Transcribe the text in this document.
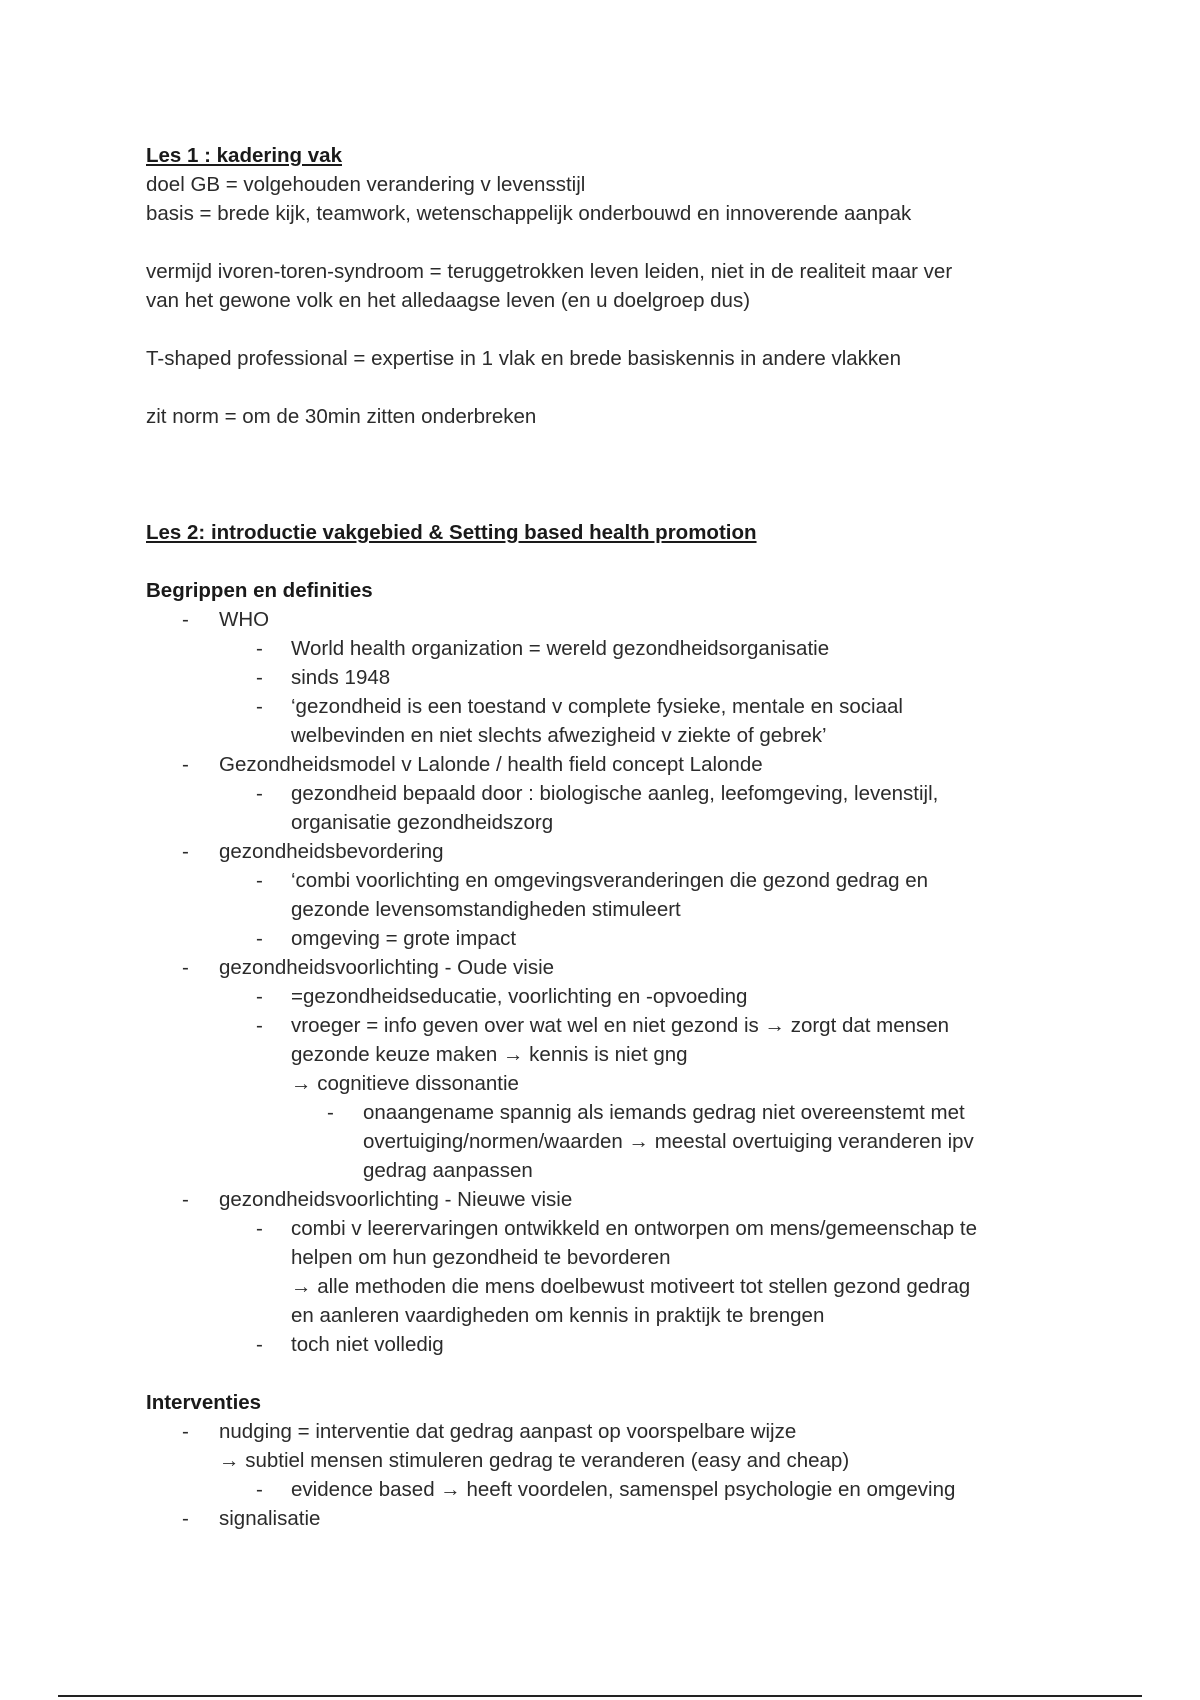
Les 1 : kadering vak

doel GB = volgehouden verandering v levensstijl

basis = brede kijk, teamwork, wetenschappelijk onderbouwd en innoverende aanpak

vermijd ivoren-toren-syndroom = teruggetrokken leven leiden, niet in de realiteit maar ver

van het gewone volk en het alledaagse leven (en u doelgroep dus)

T-shaped professional = expertise in 1 vlak en brede basiskennis in andere vlakken

zit norm = om de 30min zitten onderbreken

Les 2: introductie vakgebied & Setting based health promotion

Begrippen en definities

- WHO
- World health organization = wereld gezondheidsorganisatie
- sinds 1948
- ‘gezondheid is een toestand v complete fysieke, mentale en sociaal
welbevinden en niet slechts afwezigheid v ziekte of gebrek’
- Gezondheidsmodel v Lalonde / health field concept Lalonde
- gezondheid bepaald door : biologische aanleg, leefomgeving, levenstijl,
organisatie gezondheidszorg
- gezondheidsbevordering
- ‘combi voorlichting en omgevingsveranderingen die gezond gedrag en
gezonde levensomstandigheden stimuleert
- omgeving = grote impact
- gezondheidsvoorlichting - Oude visie
- =gezondheidseducatie, voorlichting en -opvoeding
- vroeger = info geven over wat wel en niet gezond is → zorgt dat mensen
gezonde keuze maken → kennis is niet gng
→ cognitieve dissonantie
- onaangename spannig als iemands gedrag niet overeenstemt met
overtuiging/normen/waarden → meestal overtuiging veranderen ipv
gedrag aanpassen
- gezondheidsvoorlichting - Nieuwe visie
- combi v leerervaringen ontwikkeld en ontworpen om mens/gemeenschap te
helpen om hun gezondheid te bevorderen
→ alle methoden die mens doelbewust motiveert tot stellen gezond gedrag
en aanleren vaardigheden om kennis in praktijk te brengen
- toch niet volledig

Interventies

- nudging = interventie dat gedrag aanpast op voorspelbare wijze
→ subtiel mensen stimuleren gedrag te veranderen (easy and cheap)
- evidence based → heeft voordelen, samenspel psychologie en omgeving
- signalisatie
